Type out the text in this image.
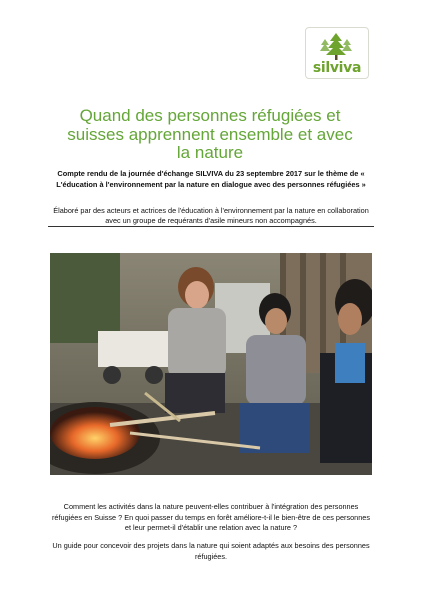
silviva
Quand des personnes réfugiées et suisses apprennent ensemble et avec la nature

Compte rendu de la journée d'échange SILVIVA du 23 septembre 2017 sur le thème de « L'éducation à l'environnement par la nature en dialogue avec des personnes réfugiées »

Élaboré par des acteurs et actrices de l'éducation à l'environnement par la nature en collaboration avec un groupe de requérants d'asile mineurs non accompagnés.

Comment les activités dans la nature peuvent-elles contribuer à l'intégration des personnes réfugiées en Suisse ? En quoi passer du temps en forêt améliore-t-il le bien-être de ces personnes et leur permet-il d'établir une relation avec la nature ?

Un guide pour concevoir des projets dans la nature qui soient adaptés aux besoins des personnes réfugiées.
